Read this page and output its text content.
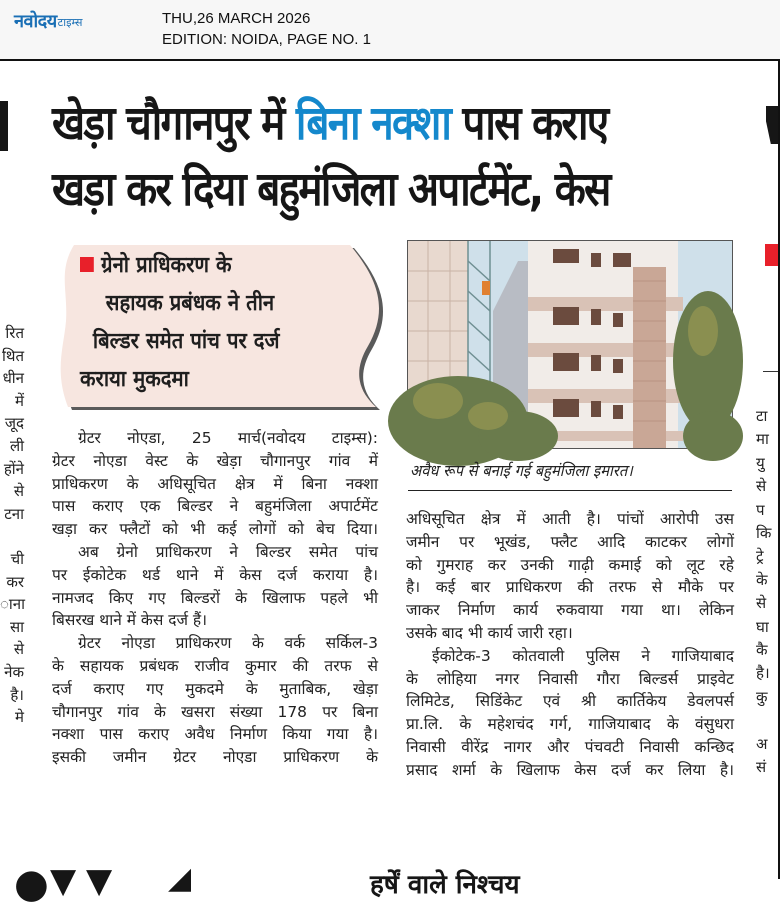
नवोदय टाइम्स	THU,26 MARCH 2026
EDITION: NOIDA, PAGE NO. 1
खेड़ा चौगानपुर में बिना नक्शा पास कराए
खड़ा कर दिया बहुमंजिला अपार्टमेंट, केस
ग्रेनो प्राधिकरण के
सहायक प्रबंधक ने तीन
बिल्डर समेत पांच पर दर्ज
कराया मुकदमा
अवैध रूप से बनाई गई बहुमंजिला इमारत।
ग्रेटर नोएडा, 25 मार्च(नवोदय टाइम्स):
ग्रेटर नोएडा वेस्ट के खेड़ा चौगानपुर गांव में
प्राधिकरण के अधिसूचित क्षेत्र में बिना नक्शा
पास कराए एक बिल्डर ने बहुमंजिला अपार्टमेंट
खड़ा कर फ्लैटों को भी कई लोगों को बेच दिया।
अब ग्रेनो प्राधिकरण ने बिल्डर समेत पांच
पर ईकोटेक थर्ड थाने में केस दर्ज कराया है।
नामजद किए गए बिल्डरों के खिलाफ पहले भी
बिसरख थाने में केस दर्ज हैं।
ग्रेटर नोएडा प्राधिकरण के वर्क सर्किल-3
के सहायक प्रबंधक राजीव कुमार की तरफ से
दर्ज कराए गए मुकदमे के मुताबिक, खेड़ा
चौगानपुर गांव के खसरा संख्या 178 पर बिना
नक्शा पास कराए अवैध निर्माण किया गया है।
इसकी जमीन ग्रेटर नोएडा प्राधिकरण के
अधिसूचित क्षेत्र में आती है। पांचों आरोपी उस
जमीन पर भूखंड, फ्लैट आदि काटकर लोगों
को गुमराह कर उनकी गाढ़ी कमाई को लूट रहे
है। कई बार प्राधिकरण की तरफ से मौके पर
जाकर निर्माण कार्य रुकवाया गया था। लेकिन
उसके बाद भी कार्य जारी रहा।
ईकोटेक-3 कोतवाली पुलिस ने गाजियाबाद
के लोहिया नगर निवासी गौरा बिल्डर्स प्राइवेट
लिमिटेड, सिडिंकेट एवं श्री कार्तिकेय डेवलपर्स
प्रा.लि. के महेशचंद गर्ग, गाजियाबाद के वंसुधरा
निवासी वीरेंद्र नागर और पंचवटी निवासी कन्छिद
प्रसाद शर्मा के खिलाफ केस दर्ज कर लिया है।
रित
थित
धीन
में
जूद
ली
होंने
से
टना

ची
कर
ाना
सा
से
नेक
है।
मे
टा
मा
यु
से
प
कि
ट्रे
के
से
घा
कै
है।
कु

अ
सं
● ▼ ▼ ◢	हर्षें वाले निश्चय
